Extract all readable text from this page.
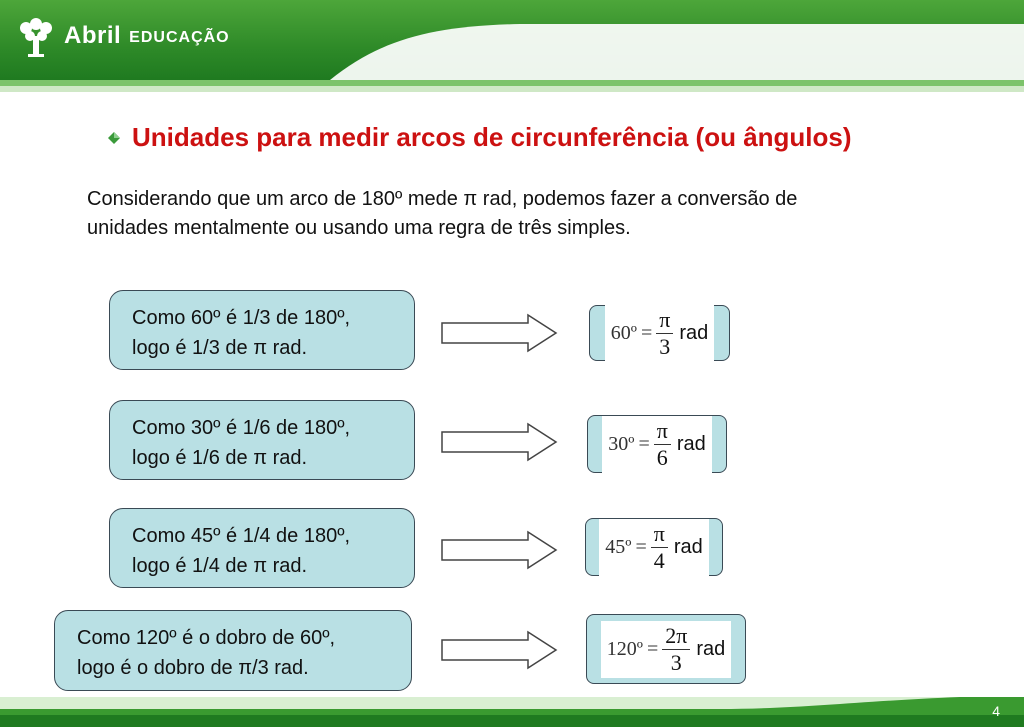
Abril EDUCAÇÃO
Unidades para medir arcos de circunferência (ou ângulos)
Considerando que um arco de 180º mede π rad, podemos fazer a conversão de
unidades mentalmente ou usando uma regra de três simples.
Como 60º é 1/3 de 180º,
logo é 1/3 de π rad.
60º = $\frac{\pi}{3}$ rad
Como 30º é 1/6 de 180º,
logo é 1/6 de π rad.
30º = $\frac{\pi}{6}$ rad
Como 45º é 1/4 de 180º,
logo é 1/4 de π rad.
45º = $\frac{\pi}{4}$ rad
Como 120º é o dobro de 60º,
logo é o dobro de π/3 rad.
120º = $\frac{2\pi}{3}$ rad
4
